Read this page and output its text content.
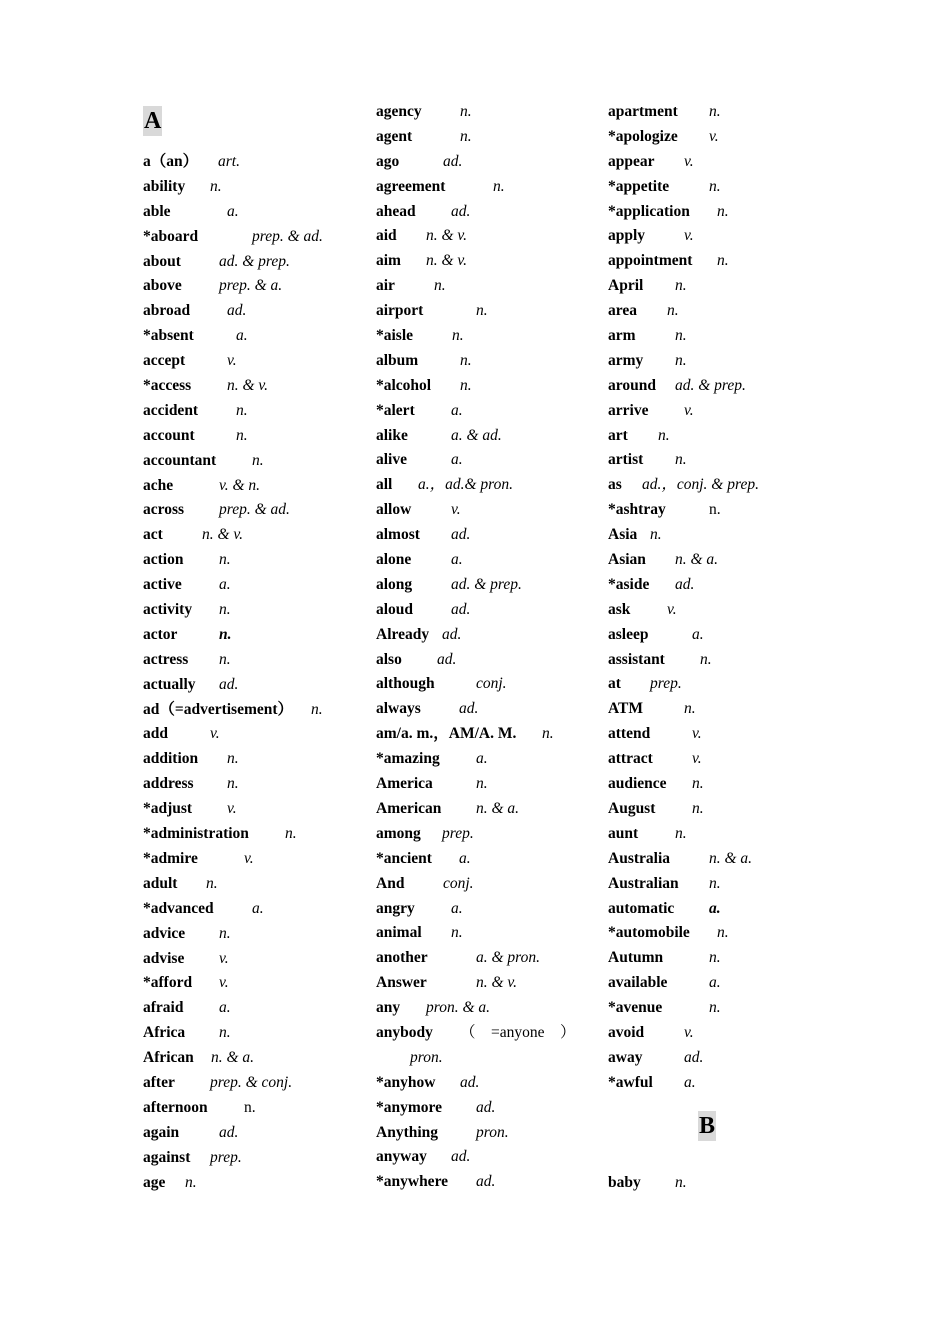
A
a（an） art.
ability n.
able	a.
*aboard	prep. & ad.
about ad. & prep.
above prep. & a.
abroad ad.
*absent	a.
accept	v.
*access n. & v.
accident n.
account	n.
accountant n.
ache	v. & n.
across prep. & ad.
act	n. & v.
action n.
active a.
activity n.
actor	n.
actress n.
actually ad.
ad（=advertisement） n.
add	v.
addition n.
address n.
*adjust v.
*administration n.
*admire	v.
adult n.
*advanced a.
advice n.
advise v.
*afford v.
afraid a.
Africa n.
African n. & a.
after prep. & conj.
afternoon n.
again	ad.
against prep.
age n.
agency n.
agent	n.
ago	ad.
agreement	n.
ahead ad.
aid n. & v.
aim n. & v.
air	n.
airport	n.
*aisle	n.
album	n.
*alcohol n.
*alert a.
alike	a. & ad.
alive	a.
all a.，ad.& pron.
allow	v.
almost ad.
alone	a.
along	ad. & prep.
aloud ad.
Already ad.
also ad.
although	conj.
always ad.
am/a. m.，AM/A. M. n.
*amazing a.
America	n.
American n. & a.
among prep.
*ancient a.
And conj.
angry a.
animal n.
another	a. & pron.
Answer	n. & v.
any pron. & a.
anybody （　=anyone　）
pron.
*anyhow ad.
*anymore ad.
Anything pron.
anyway ad.
*anywhere ad.
apartment n.
*apologize v.
appear v.
*appetite	n.
*application n.
apply	v.
appointment n.
April n.
area n.
arm	n.
army n.
around ad. & prep.
arrive v.
art n.
artist n.
as ad.，conj. & prep.
*ashtray	n.
Asia n.
Asian n. & a.
*aside ad.
ask v.
asleep	a.
assistant n.
at prep.
ATM	n.
attend	v.
attract	v.
audience n.
August n.
aunt n.
Australia	n. & a.
Australian n.
automatic a.
*automobile n.
Autumn	n.
available	a.
*avenue	n.
avoid	v.
away	ad.
*awful a.
B
baby n.
